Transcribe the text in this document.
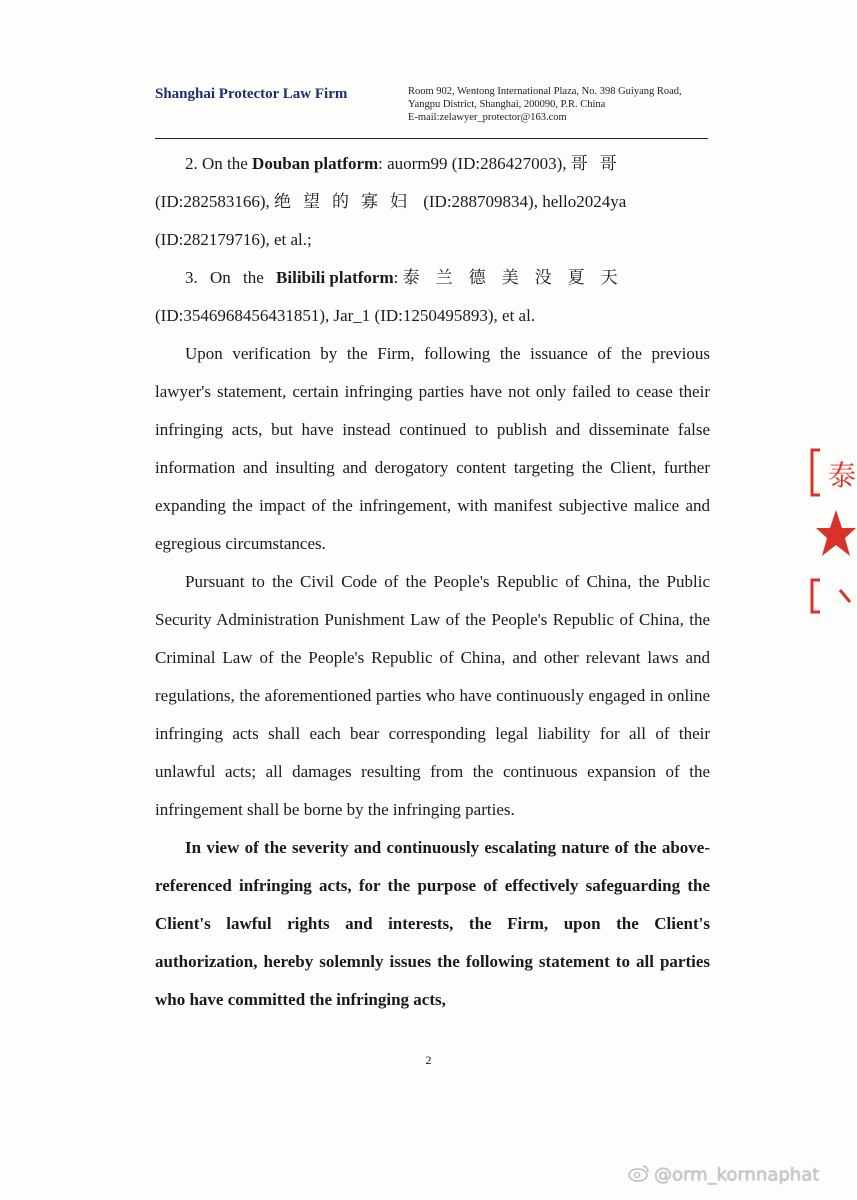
Shanghai Protector Law Firm	Room 902, Wentong International Plaza, No. 398 Guiyang Road,
Yangpu District, Shanghai, 200090, P.R. China
E-mail:zelawyer_protector@163.com

2. On the Douban platform: auorm99 (ID:286427003), 哥哥
(ID:282583166), 绝望的寡妇 (ID:288709834), hello2024ya
(ID:282179716), et al.;

3. On the Bilibili platform: 泰兰德美没夏天
(ID:3546968456431851), Jar_1 (ID:1250495893), et al.

Upon verification by the Firm, following the issuance of the previous lawyer's statement, certain infringing parties have not only failed to cease their infringing acts, but have instead continued to publish and disseminate false information and insulting and derogatory content targeting the Client, further expanding the impact of the infringement, with manifest subjective malice and egregious circumstances.

Pursuant to the Civil Code of the People's Republic of China, the Public Security Administration Punishment Law of the People's Republic of China, the Criminal Law of the People's Republic of China, and other relevant laws and regulations, the aforementioned parties who have continuously engaged in online infringing acts shall each bear corresponding legal liability for all of their unlawful acts; all damages resulting from the continuous expansion of the infringement shall be borne by the infringing parties.

In view of the severity and continuously escalating nature of the above-referenced infringing acts, for the purpose of effectively safeguarding the Client's lawful rights and interests, the Firm, upon the Client's authorization, hereby solemnly issues the following statement to all parties who have committed the infringing acts,

2
泰
@orm_kornnaphat
